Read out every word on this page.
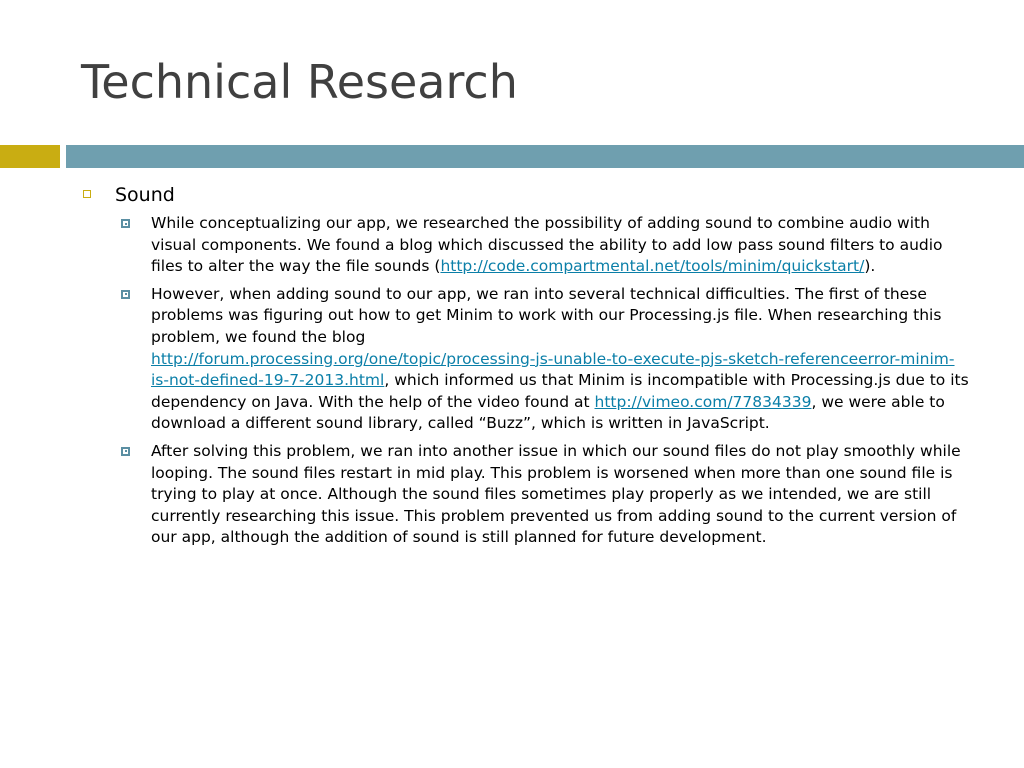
Technical Research
Sound
While conceptualizing our app, we researched the possibility of adding sound to combine audio with visual components. We found a blog which discussed the ability to add low pass sound filters to audio files to alter the way the file sounds (http://code.compartmental.net/tools/minim/quickstart/).
However, when adding sound to our app, we ran into several technical difficulties. The first of these problems was figuring out how to get Minim to work with our Processing.js file. When researching this problem, we found the blog
http://forum.processing.org/one/topic/processing-js-unable-to-execute-pjs-sketch-referenceerror-minim-is-not-defined-19-7-2013.html, which informed us that Minim is incompatible with Processing.js due to its dependency on Java. With the help of the video found at http://vimeo.com/77834339, we were able to download a different sound library, called “Buzz”, which is written in JavaScript.
After solving this problem, we ran into another issue in which our sound files do not play smoothly while looping. The sound files restart in mid play. This problem is worsened when more than one sound file is trying to play at once. Although the sound files sometimes play properly as we intended, we are still currently researching this issue. This problem prevented us from adding sound to the current version of our app, although the addition of sound is still planned for future development.
